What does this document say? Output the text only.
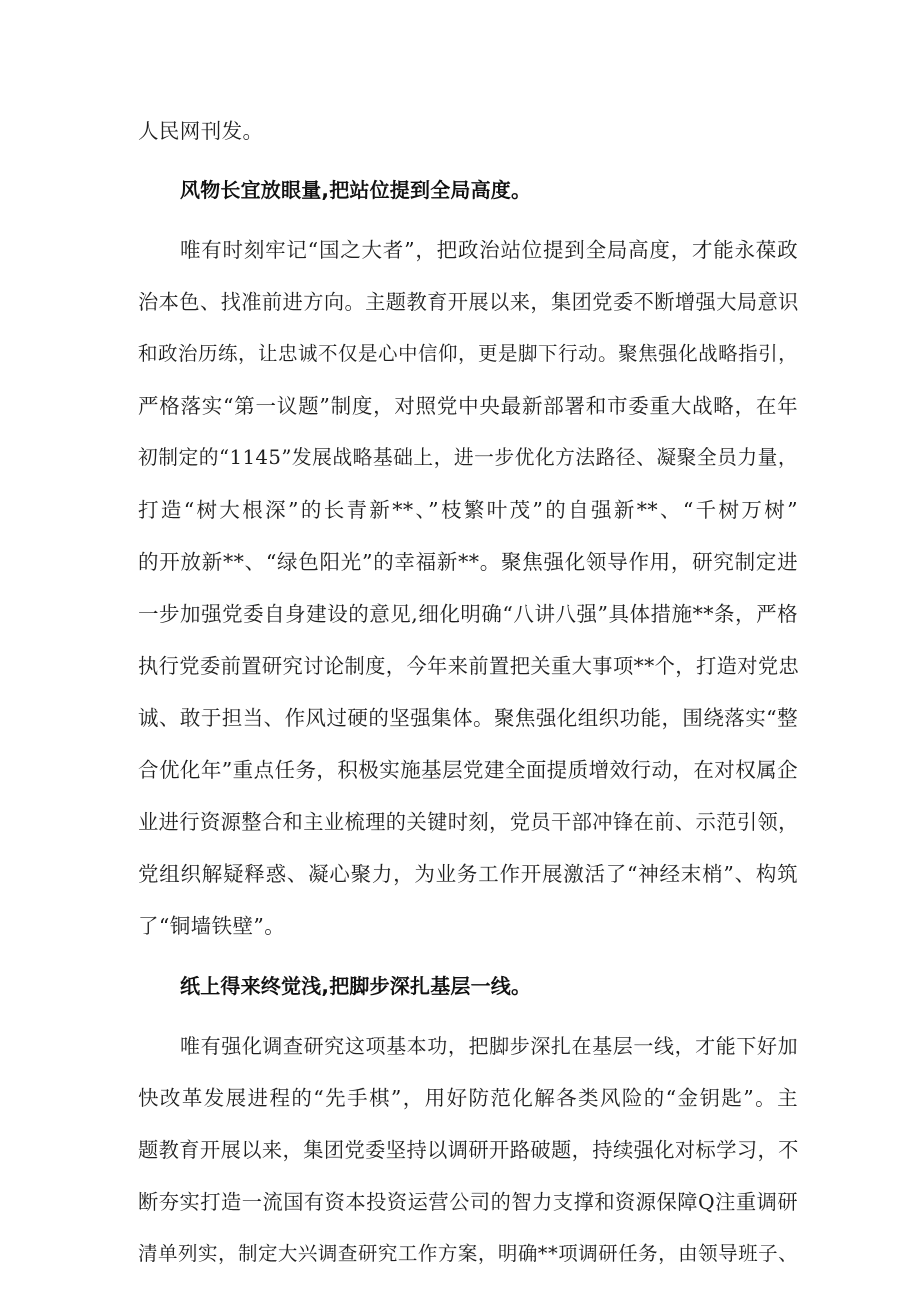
人民网刊发。
风物长宜放眼量,把站位提到全局高度。
唯有时刻牢记“国之大者”，把政治站位提到全局高度，才能永葆政
治本色、找准前进方向。主题教育开展以来，集团党委不断增强大局意识
和政治历练，让忠诚不仅是心中信仰，更是脚下行动。聚焦强化战略指引，
严格落实“第一议题”制度，对照党中央最新部署和市委重大战略，在年
初制定的“1145”发展战略基础上，进一步优化方法路径、凝聚全员力量，
打造“树大根深”的长青新**、”枝繁叶茂”的自强新**、“千树万树”
的开放新**、“绿色阳光”的幸福新**。聚焦强化领导作用，研究制定进
一步加强党委自身建设的意见,细化明确“八讲八强”具体措施**条，严格
执行党委前置研究讨论制度，今年来前置把关重大事项**个，打造对党忠
诚、敢于担当、作风过硬的坚强集体。聚焦强化组织功能，围绕落实“整
合优化年”重点任务，积极实施基层党建全面提质增效行动，在对权属企
业进行资源整合和主业梳理的关键时刻，党员干部冲锋在前、示范引领，
党组织解疑释惑、凝心聚力，为业务工作开展激活了“神经末梢”、构筑
了“铜墙铁壁”。
纸上得来终觉浅,把脚步深扎基层一线。
唯有强化调查研究这项基本功，把脚步深扎在基层一线，才能下好加
快改革发展进程的“先手棋”，用好防范化解各类风险的“金钥匙”。主
题教育开展以来，集团党委坚持以调研开路破题，持续强化对标学习，不
断夯实打造一流国有资本投资运营公司的智力支撑和资源保障Q注重调研
清单列实，制定大兴调查研究工作方案，明确**项调研任务，由领导班子、
